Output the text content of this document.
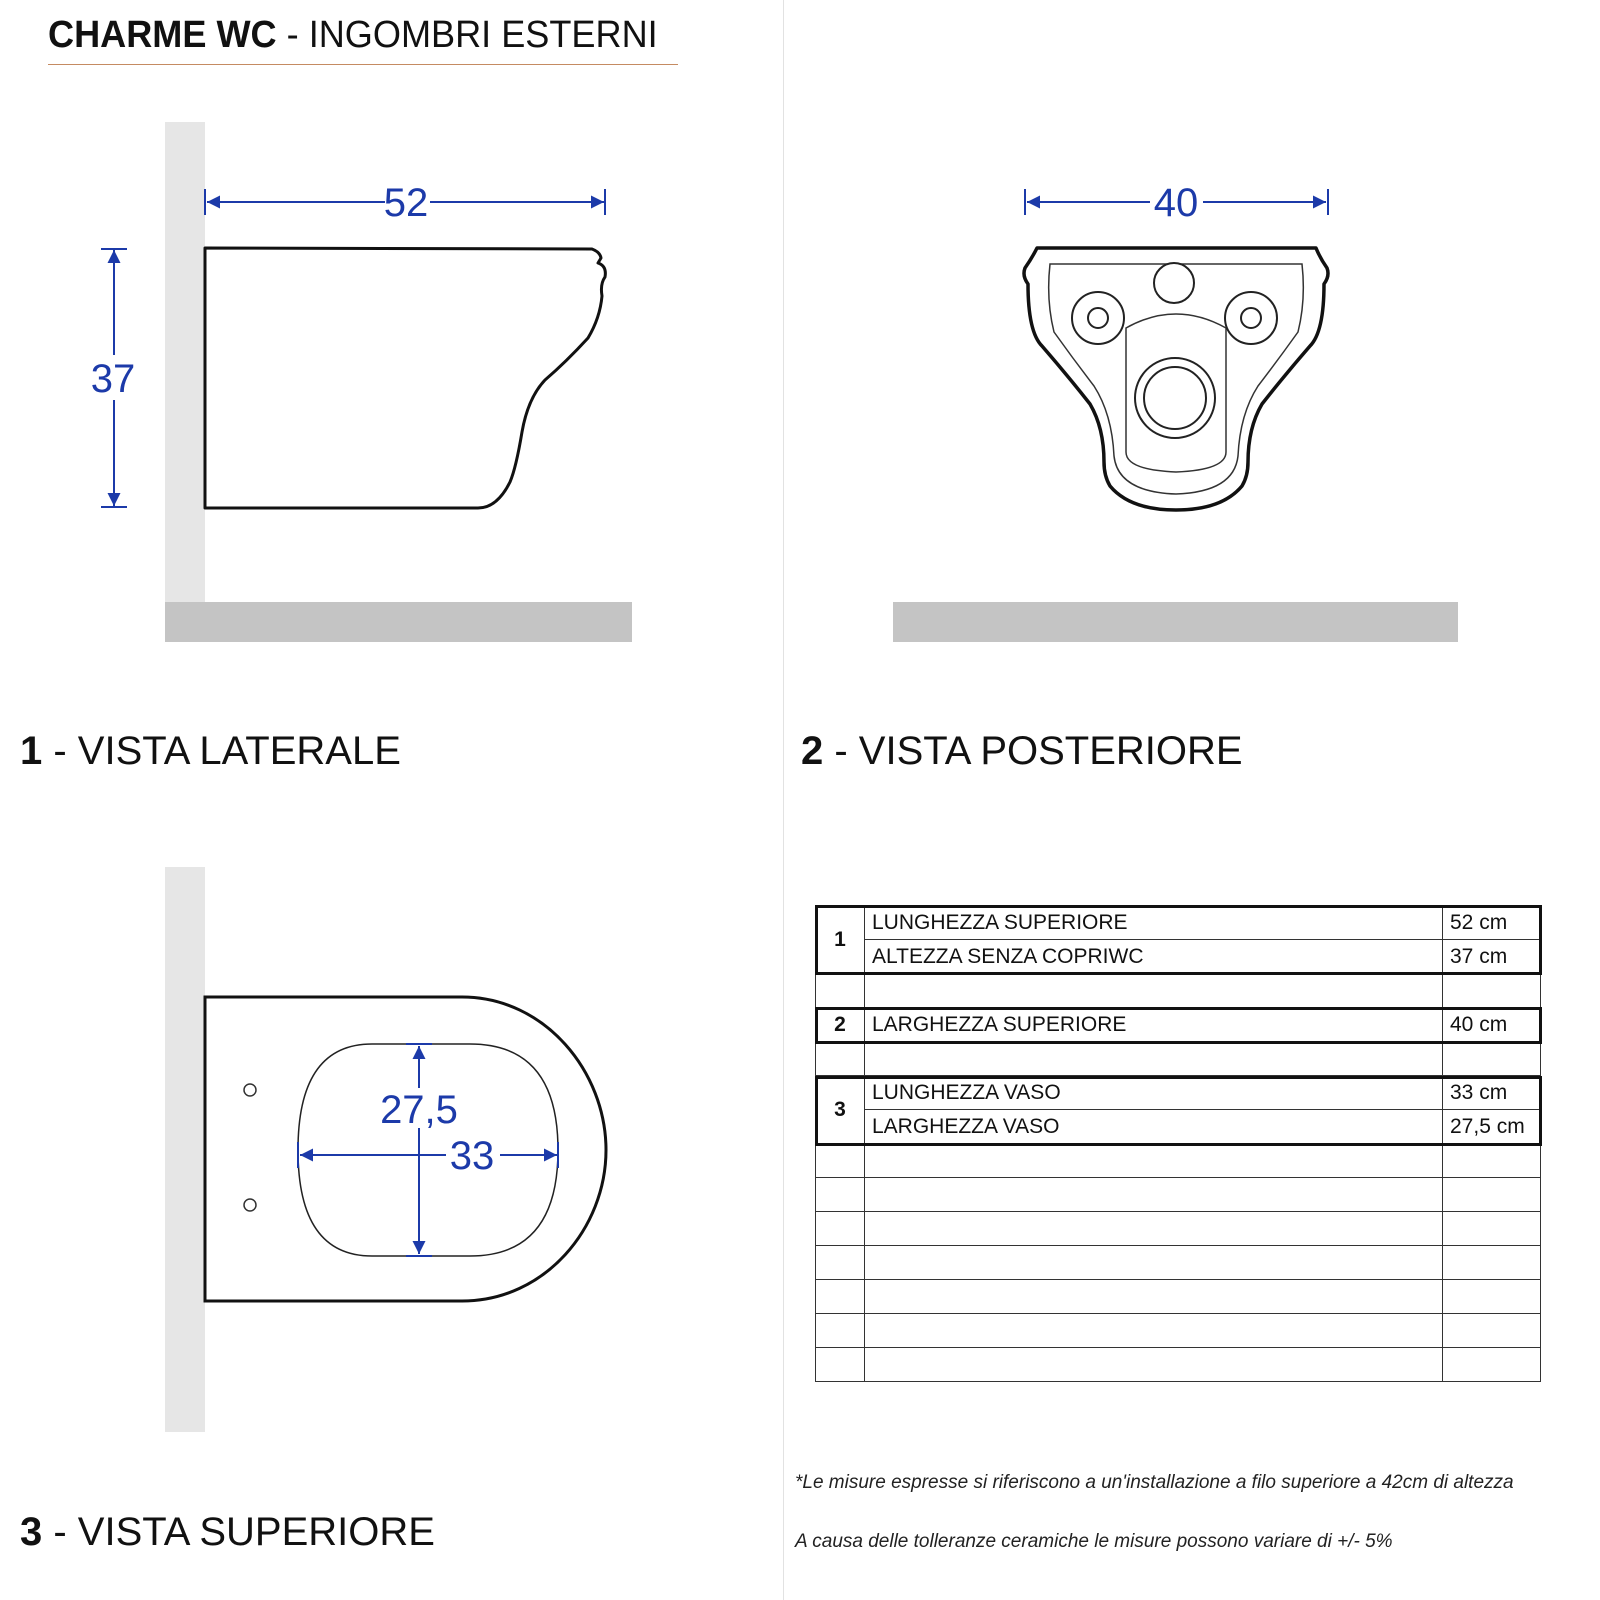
CHARME WC - INGOMBRI ESTERNI
52
37
40
27,5
33
1 - VISTA LATERALE	2 - VISTA POSTERIORE
3 - VISTA SUPERIORE
1	LUNGHEZZA SUPERIORE	52 cm
	ALTEZZA SENZA COPRIWC	37 cm

2	LARGHEZZA SUPERIORE	40 cm

3	LUNGHEZZA VASO	33 cm
	LARGHEZZA VASO	27,5 cm

*Le misure espresse si riferiscono a un'installazione a filo superiore a 42cm di altezza
A causa delle tolleranze ceramiche le misure possono variare di +/- 5%
